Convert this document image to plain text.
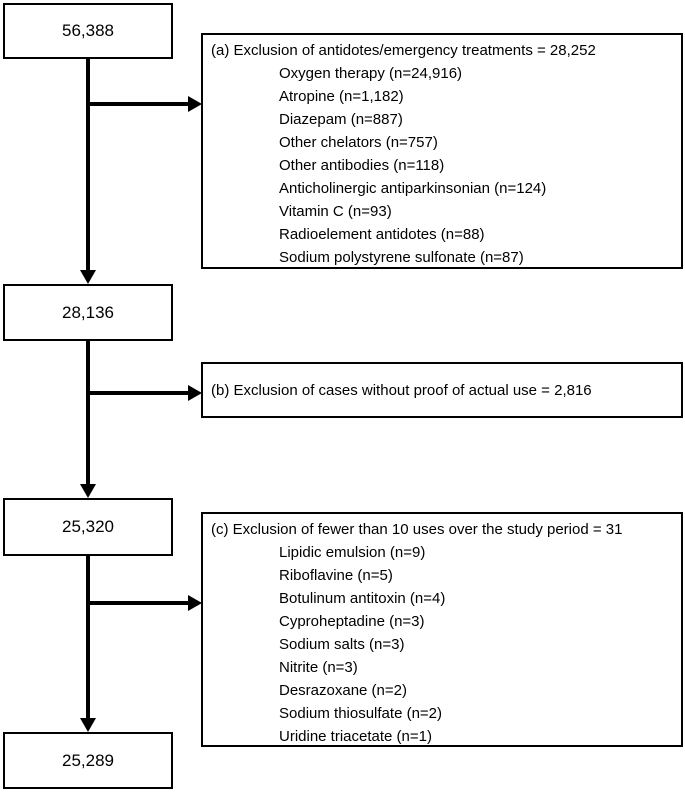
56,388
28,136
25,320
25,289
(a) Exclusion of antidotes/emergency treatments = 28,252
Oxygen therapy (n=24,916)
Atropine (n=1,182)
Diazepam (n=887)
Other chelators (n=757)
Other antibodies (n=118)
Anticholinergic antiparkinsonian (n=124)
Vitamin C (n=93)
Radioelement antidotes (n=88)
Sodium polystyrene sulfonate (n=87)
(b) Exclusion of cases without proof of actual use = 2,816
(c) Exclusion of fewer than 10 uses over the study period = 31
Lipidic emulsion (n=9)
Riboflavine (n=5)
Botulinum antitoxin (n=4)
Cyproheptadine (n=3)
Sodium salts (n=3)
Nitrite (n=3)
Desrazoxane (n=2)
Sodium thiosulfate (n=2)
Uridine triacetate (n=1)
